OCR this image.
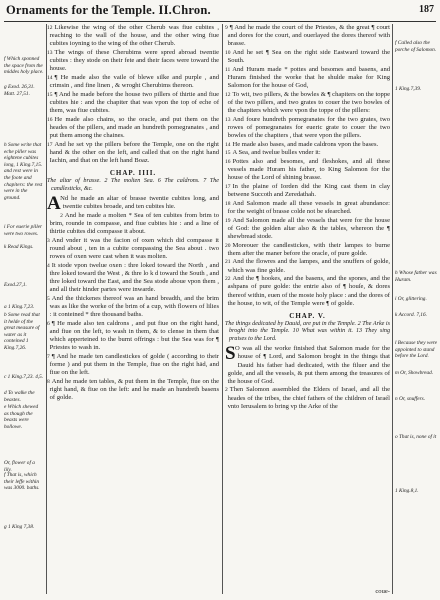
Ornaments for the Temple. II.Chron.	187
12 Likewise the wing of the other Cherub was fiue cubites , reaching to the wall of the house, and the other wing fiue cubites ioyning to the wing of the other Cherub.
13 The wings of these Cherubims were spred abroad twentie cubites : they stode on their fete and their faces were toward the house.
14 ¶ He made also the vaile of blewe silke and purple , and crimsin , and fine linen , & wroght Cherubims thereon.
15 ¶ And he made before the house two pillers of thirtie and fiue cubites hie : and the chapiter that was vpon the top of eche of them, was fiue cubites.
16 He made also chains, so the oracle, and put them on the heades of the pillers, and made an hundreth pomegranates , and put them among the chaines.
17 And he set vp the pillers before the Temple, one on the right hand & the other on the left, and called that on the right hand Iachin, and that on the left hand Boaz.
CHAP. IIII.
The altar of brasse. 2 The molten Sea. 6 The caldrons. 7 The candlesticks, &c.
A Nd he made an altar of brasse twentie cubites long, and twentie cubites broade, and ten cubites hie.
2 And he made a molten * Sea of ten cubites from brim to brim, rounde in compasse, and fiue cubites hie : and a line of thirtie cubites did compasse it about.
3 And vnder it was the facion of oxen which did compasse it round about , ten in a cubite compassing the Sea about . two rowes of oxen were cast when it was molten.
4 It stode vpon twelue oxen : thre loked toward the North , and thre loked toward the West , & thre lo k d toward the South , and thre loked toward the East, and the Sea stode aboue vpon them , and all their hinder partes were inwarde.
5 And the thickenes thereof was an hand breadth, and the brim was as like the worke of the brim of a cup, with flowers of lilies : it conteined * thre thousand baths.
6 ¶ He made also ten caldrons , and put fiue on the right hand, and fiue on the left, to wash in them, & to clense in them that which apperteined to the burnt offrings : but the Sea was for ¶ Priestes to wash in.
7 ¶ And he made ten candlestickes of golde ( according to their forme ) and put them in the Temple, fiue on the right hād, and fiue on the left.
8 And he made ten tables, & put them in the Temple, fiue on the right hand, & fiue on the left: and he made an hundreth basens of golde.
9 ¶ And he made the court of the Priestes, & the great ¶ court and dores for the court, and ouerlayed the dores thereof with brasse.
10 And he set ¶ Sea on the right side Eastward toward the South.
11 And Huram made * pottes and besomes and basens, and Huram finished the worke that he shulde make for King Salomon for the house of God,
12 To wit, two pillers, & the bowles & ¶ chapiters on the toppe of the two pillers, and two grates to couer the two bowles of the chapiters which were vpon the toppe of the pillers:
13 And foure hundreth pomegranates for the two grates, two rowes of pomegranates for eueric grate to couer the two bowles of the chapiters , that were vpon the pillers.
14 He made also bases, and made caldrons vpon the bases.
15 A Sea, and twelue bulles vnder it:
16 Pottes also and besomes, and fleshokes, and all these vessels made Huram his father, to King Salomon for the house of the Lord of shining brasse.
17 In the plaine of Iorden did the King cast them in clay betwene Succoth and Zeredathah.
18 And Salomon made all these vessels in great abundance: for the weight of brasse colde not be sfearched.
19 And Salomon made all the vessels that were for the house of God: the golden altar also & the tables, whereon the ¶ shewbread stode.
20 Moreouer the candlestickes, with their lampes to burne them after the maner before the oracle, of pure golde.
21 And the flowres and the lampes, and the snuffers of golde, which was fine golde.
22 And the ¶ hookes, and the basens, and the spones, and the ashpans of pure golde: the entrie also of ¶ houſe, & dores thereof within, euen of the moste holy place : and the dores of the house, to wit, of the Temple were ¶ of golde.
CHAP. V.
The things dedicated by Dauid, are put in the Temple. 2 The Arke is broght into the Temple. 10 What was within it. 13 They sing praises to the Lord.
S O was all the worke finished that Salomon made for the house of ¶ Lord, and Salomon broght in the things that Dauid his father had dedicated, with the filuer and the golde, and all the vessels, & put them among the treasures of the house of God.
2 Then Salomon assembled the Elders of Israel, and all the heades of the tribes, the chief fathers of the children of Israél vnto Ierusalem to bring vp the Arke of the
f Which sponned the space from the middes holy place.
g Exod. 26,31. Matt. 27,51.
h Some write that eche piller was eightene cubites long, 1 King.7,15. and rest were in the foote and chapiters: the rest were in the ground.
i For euerie piller were two rowes.
k Read Kings.
Exod.27,1.
a 1 King.7,23.
b Some read that it helde of the great measure of water as it conteined 1 King.7,26.
c 1 King.7,23. 4,5.
d To walke the beastes.
e Which shewed as though the beasts were hollowe.
Or, flower of a lily.
f That is, which their leffe within was 3000. baths.
g 1 King 7,38.
f Called also the porche of Salomon.
1 King.7,39.
h Whose father was Huram.
i Or, glittering.
k Accord. 7,16.
l Because they were appointed to stand before the Lord.
m Or, Showbread.
n Or, snuffers.
o That is, none of it
1 King.8,1.
coue-
